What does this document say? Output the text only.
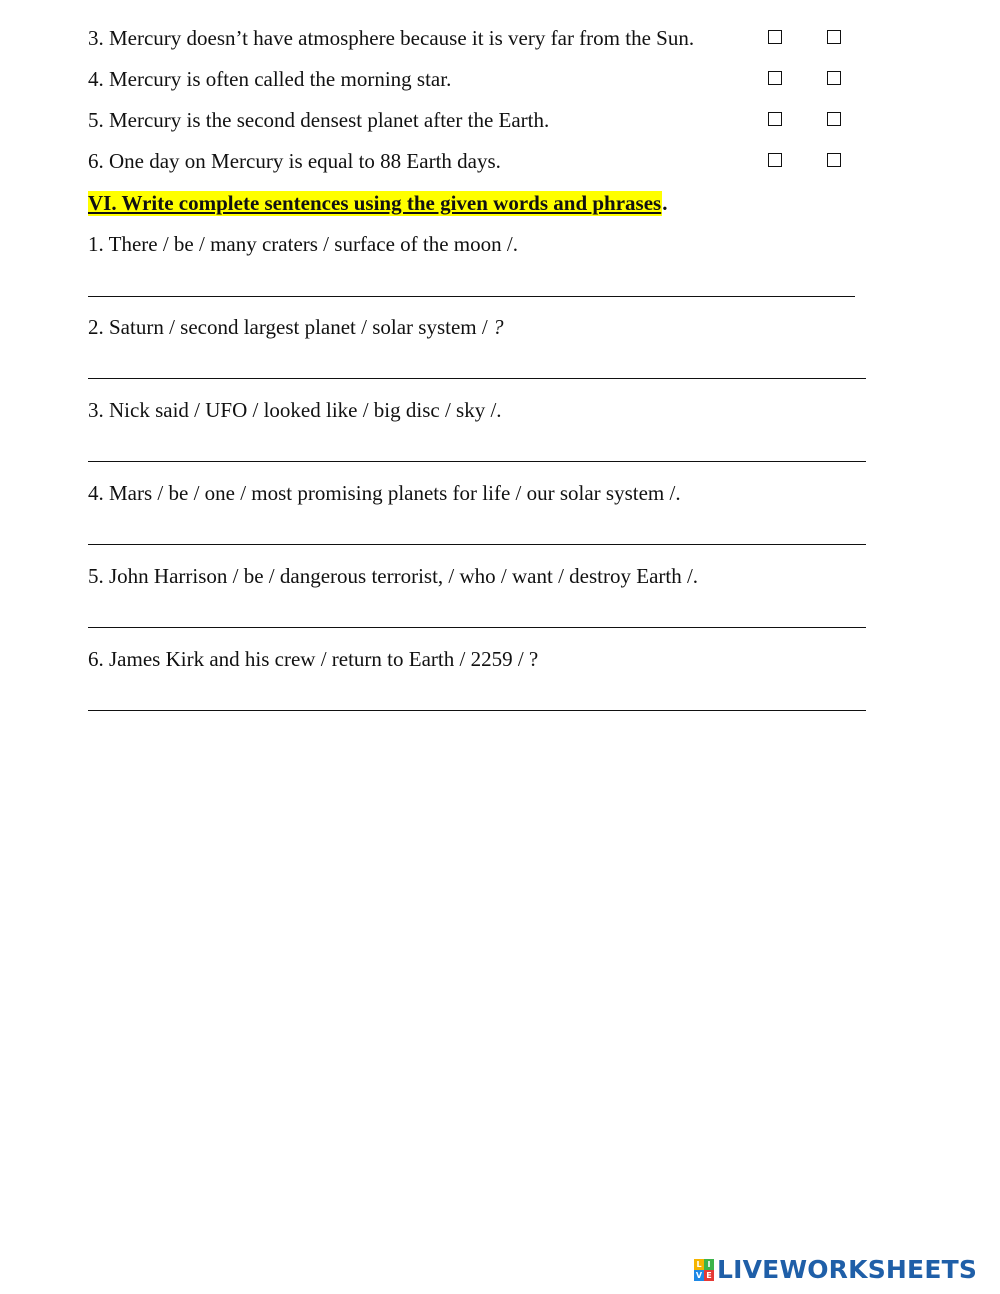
3. Mercury doesn’t have atmosphere because it is very far from the Sun.
4. Mercury is often called the morning star.
5. Mercury is the second densest planet after the Earth.
6. One day on Mercury is equal to 88 Earth days.
VI. Write complete sentences using the given words and phrases.
1. There / be / many craters / surface of the moon /.
2. Saturn / second largest planet / solar system / ?
3. Nick said / UFO / looked like / big disc / sky /.
4. Mars / be / one / most promising planets for life / our solar system /.
5. John Harrison / be / dangerous terrorist, / who / want / destroy Earth /.
6. James Kirk and his crew / return to Earth / 2259 / ?
L I
V E LIVEWORKSHEETS
